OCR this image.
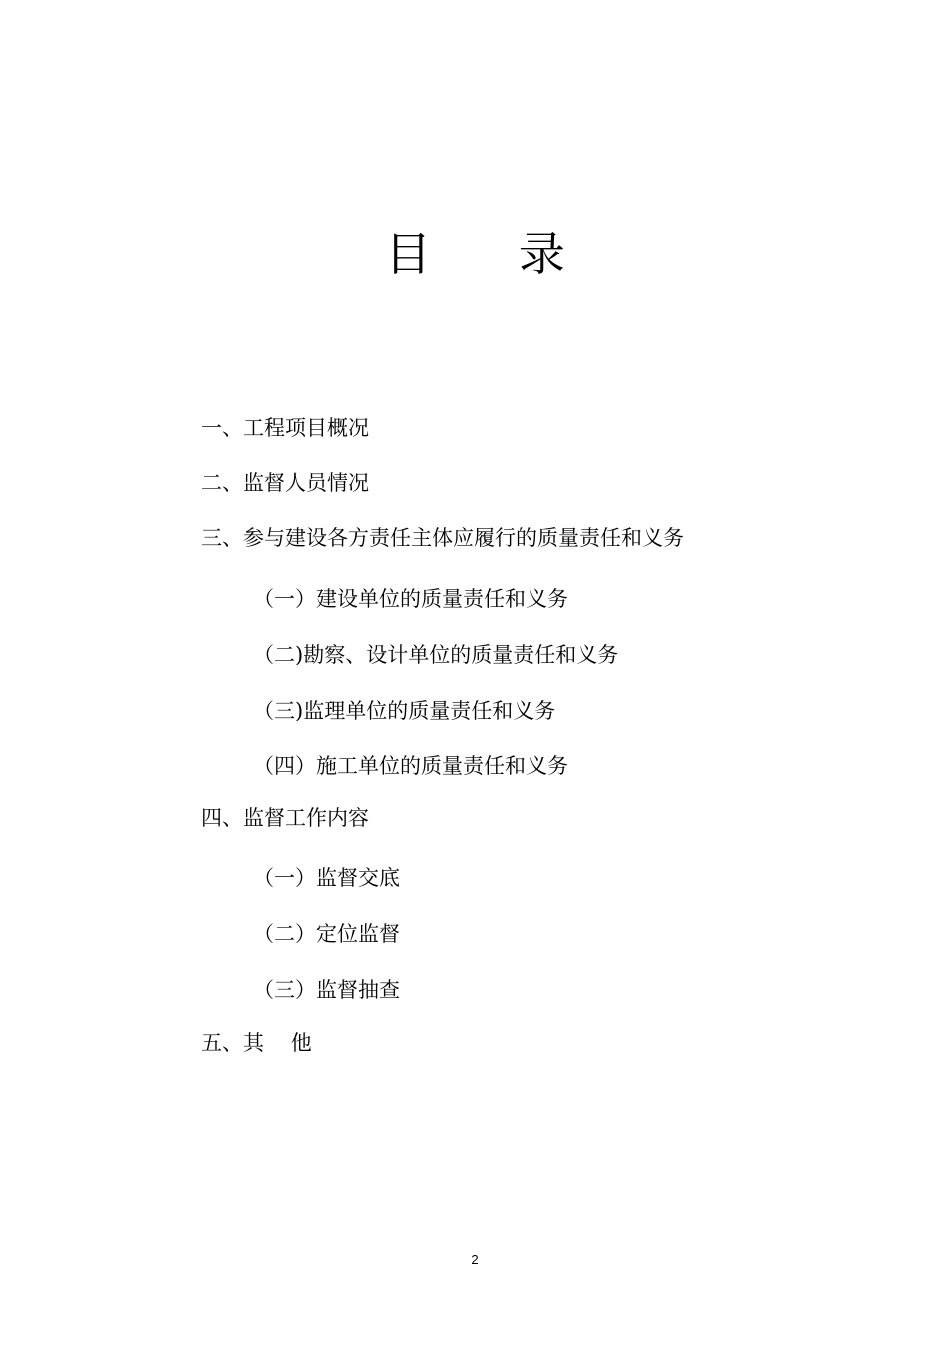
目      录
一、工程项目概况
二、监督人员情况
三、参与建设各方责任主体应履行的质量责任和义务
（一）建设单位的质量责任和义务
（二)勘察、设计单位的质量责任和义务
（三)监理单位的质量责任和义务
（四）施工单位的质量责任和义务
四、监督工作内容
（一）监督交底
（二）定位监督
（三）监督抽查
五、其    他
2
